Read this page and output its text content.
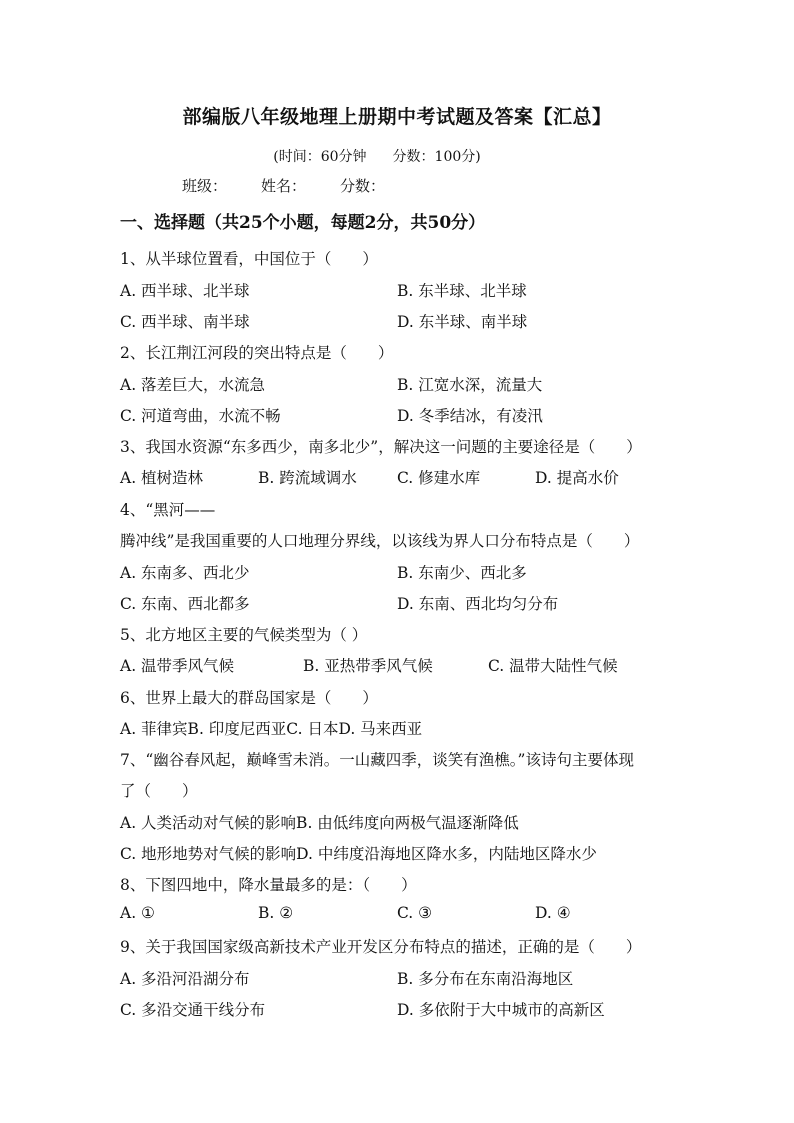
部编版八年级地理上册期中考试题及答案【汇总】
(时间：60分钟 分数：100分)
班级： 姓名： 分数：
一、选择题（共25个小题，每题2分，共50分）
1、从半球位置看，中国位于（　　）
A. 西半球、北半球	B. 东半球、北半球
C. 西半球、南半球	D. 东半球、南半球
2、长江荆江河段的突出特点是（　　）
A. 落差巨大，水流急	B. 江宽水深，流量大
C. 河道弯曲，水流不畅	D. 冬季结冰，有凌汛
3、我国水资源“东多西少，南多北少”，解决这一问题的主要途径是（　　）
A. 植树造林	B. 跨流域调水	C. 修建水库	D. 提高水价
4、“黑河——
腾冲线”是我国重要的人口地理分界线，以该线为界人口分布特点是（　　）
A. 东南多、西北少	B. 东南少、西北多
C. 东南、西北都多	D. 东南、西北均匀分布
5、北方地区主要的气候类型为（ ）
A. 温带季风气候	B. 亚热带季风气候	C. 温带大陆性气候
6、世界上最大的群岛国家是（　　）
A. 菲律宾B. 印度尼西亚C. 日本D. 马来西亚
7、“幽谷春风起，巅峰雪未消。一山藏四季，谈笑有渔樵。”该诗句主要体现
了（　　）
A. 人类活动对气候的影响B. 由低纬度向两极气温逐渐降低
C. 地形地势对气候的影响D. 中纬度沿海地区降水多，内陆地区降水少
8、下图四地中，降水量最多的是：（　　）
A. ①	B. ②	C. ③	D. ④
9、关于我国国家级高新技术产业开发区分布特点的描述，正确的是（　　）
A. 多沿河沿湖分布	B. 多分布在东南沿海地区
C. 多沿交通干线分布	D. 多依附于大中城市的高新区
